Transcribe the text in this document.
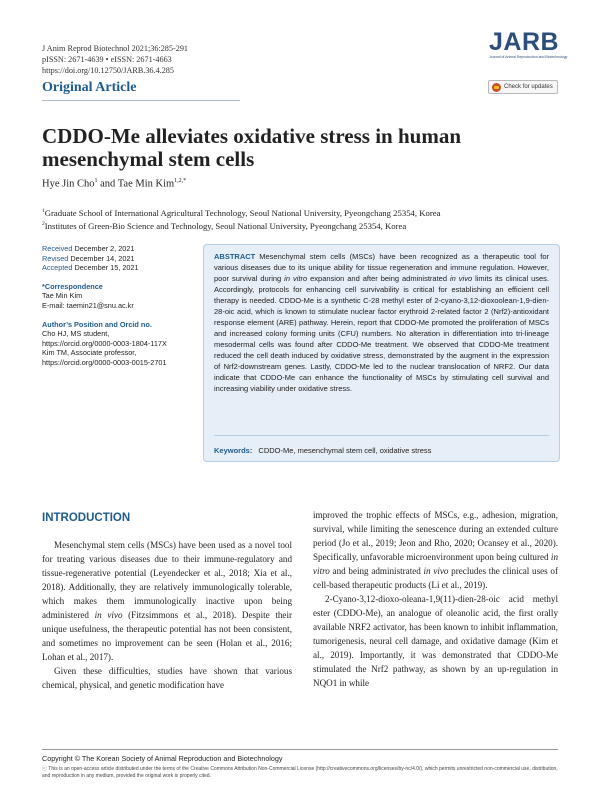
J Anim Reprod Biotechnol 2021;36:285-291
pISSN: 2671-4639 • eISSN: 2671-4663
https://doi.org/10.12750/JARB.36.4.285
Original Article
JARB
Journal of Animal Reproduction and Biotechnology
Check for updates
CDDO-Me alleviates oxidative stress in human
mesenchymal stem cells
Hye Jin Cho$^1$ and Tae Min Kim$^{1,2,*}$
$^1$Graduate School of International Agricultural Technology, Seoul National University, Pyeongchang 25354, Korea
$^2$Institutes of Green-Bio Science and Technology, Seoul National University, Pyeongchang 25354, Korea
Received December 2, 2021
Revised December 14, 2021
Accepted December 15, 2021
*Correspondence
Tae Min Kim
E-mail: taemin21@snu.ac.kr
Author’s Position and Orcid no.
Cho HJ, MS student,
https://orcid.org/0000-0003-1804-117X
Kim TM, Associate professor,
https://orcid.org/0000-0003-0015-2701
ABSTRACT Mesenchymal stem cells (MSCs) have been recognized as a therapeutic tool for various diseases due to its unique ability for tissue regeneration and immune regulation. However, poor survival during in vitro expansion and after being administrated in vivo limits its clinical uses. Accordingly, protocols for enhancing cell survivability is critical for establishing an efficient cell therapy is needed. CDDO-Me is a synthetic C-28 methyl ester of 2-cyano-3,12-dioxoolean-1,9-dien-28-oic acid, which is known to stimulate nuclear factor erythroid 2-related factor 2 (Nrf2)-antioxidant response element (ARE) pathway. Herein, report that CDDO-Me promoted the proliferation of MSCs and increased colony forming units (CFU) numbers. No alteration in differentiation into tri-lineage mesodermal cells was found after CDDO-Me treatment. We observed that CDDO-Me treatment reduced the cell death induced by oxidative stress, demonstrated by the augment in the expression of Nrf2-downstream genes. Lastly, CDDO-Me led to the nuclear translocation of NRF2. Our data indicate that CDDO-Me can enhance the functionality of MSCs by stimulating cell survival and increasing viability under oxidative stress.
Keywords: CDDO-Me, mesenchymal stem cell, oxidative stress
INTRODUCTION

Mesenchymal stem cells (MSCs) have been used as a novel tool for treating various diseases due to their immune-regulatory and tissue-regenerative potential (Leyendecker et al., 2018; Xia et al., 2018). Additionally, they are relatively immunologically tolerable, which makes them immunologically inactive upon being administered in vivo (Fitzsimmons et al., 2018). Despite their unique usefulness, the therapeutic potential has not been consistent, and sometimes no improvement can be seen (Holan et al., 2016; Lohan et al., 2017).

Given these difficulties, studies have shown that various chemical, physical, and genetic modification have

improved the trophic effects of MSCs, e.g., adhesion, migration, survival, while limiting the senescence during an extended culture period (Jo et al., 2019; Jeon and Rho, 2020; Ocansey et al., 2020). Specifically, unfavorable microenvironment upon being cultured in vitro and being administrated in vivo precludes the clinical uses of cell-based therapeutic products (Li et al., 2019).

2-Cyano-3,12-dioxo-oleana-1,9(11)-dien-28-oic acid methyl ester (CDDO-Me), an analogue of oleanolic acid, the first orally available NRF2 activator, has been known to inhibit inflammation, tumorigenesis, neural cell damage, and oxidative damage (Kim et al., 2019). Importantly, it was demonstrated that CDDO-Me stimulated the Nrf2 pathway, as shown by an up-regulation in NQO1 in while

Copyright © The Korean Society of Animal Reproduction and Biotechnology
ⓒ This is an open-access article distributed under the terms of the Creative Commons Attribution Non-Commercial License (http://creativecommons.org/licenses/by-nc/4.0/), which permits unrestricted non-commercial use, distribution, and reproduction in any medium, provided the original work is properly cited.
